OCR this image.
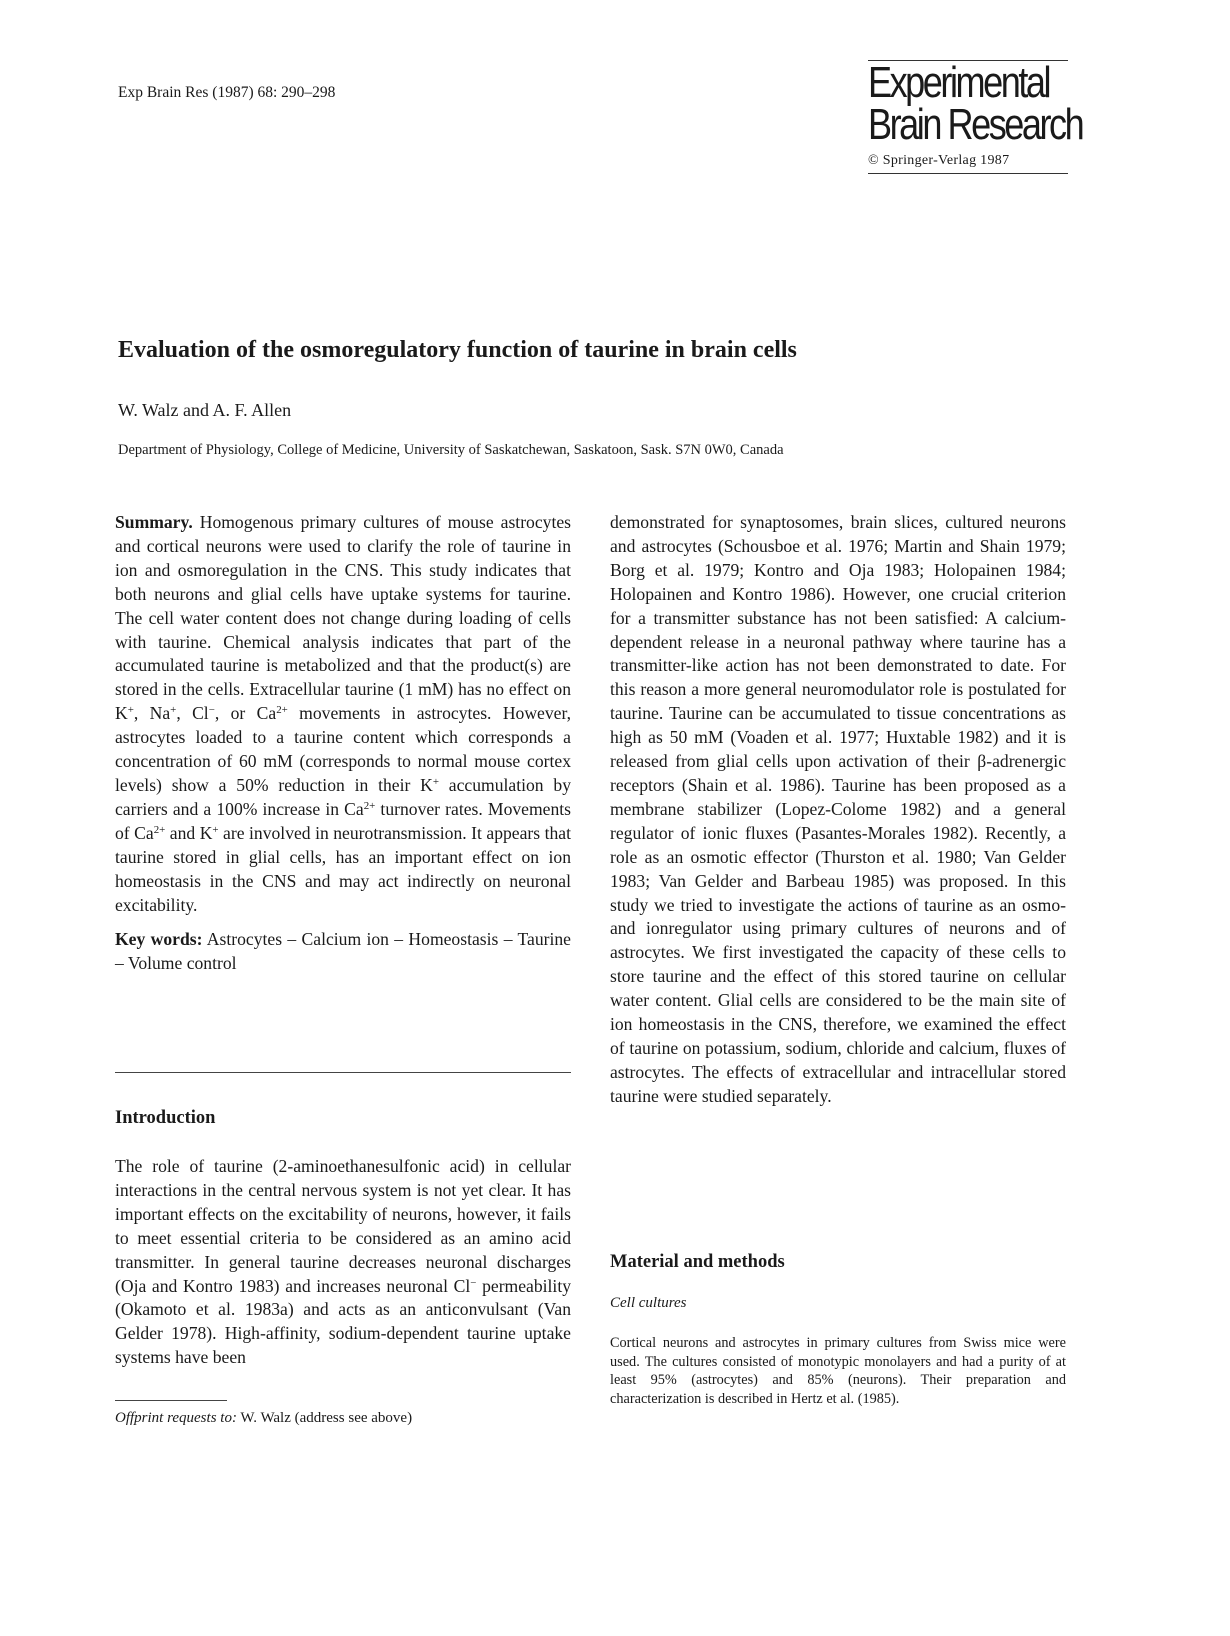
Exp Brain Res (1987) 68: 290–298	Experimental
Brain Research
© Springer-Verlag 1987
Evaluation of the osmoregulatory function of taurine in brain cells
W. Walz and A. F. Allen
Department of Physiology, College of Medicine, University of Saskatchewan, Saskatoon, Sask. S7N 0W0, Canada

Summary. Homogenous primary cultures of mouse astrocytes and cortical neurons were used to clarify the role of taurine in ion and osmoregulation in the CNS. This study indicates that both neurons and glial cells have uptake systems for taurine. The cell water content does not change during loading of cells with taurine. Chemical analysis indicates that part of the accumulated taurine is metabolized and that the product(s) are stored in the cells. Extracellular taurine (1 mM) has no effect on K+, Na+, Cl−, or $Ca^{2+}$ movements in astrocytes. However, astrocytes loaded to a taurine content which corresponds a concentration of 60 mM (corresponds to normal mouse cortex levels) show a 50% reduction in their K+ accumulation by carriers and a 100% increase in $Ca^{2+}$ turnover rates. Movements of $Ca^{2+}$ and K+ are involved in neurotransmission. It appears that taurine stored in glial cells, has an important effect on ion homeostasis in the CNS and may act indirectly on neuronal excitability.

Key words: Astrocytes – Calcium ion – Homeostasis – Taurine – Volume control

Introduction

The role of taurine (2-aminoethanesulfonic acid) in cellular interactions in the central nervous system is not yet clear. It has important effects on the excitability of neurons, however, it fails to meet essential criteria to be considered as an amino acid transmitter. In general taurine decreases neuronal discharges (Oja and Kontro 1983) and increases neuronal Cl− permeability (Okamoto et al. 1983a) and acts as an anticonvulsant (Van Gelder 1978). High-affinity, sodium-dependent taurine uptake systems have been

Offprint requests to: W. Walz (address see above)

demonstrated for synaptosomes, brain slices, cultured neurons and astrocytes (Schousboe et al. 1976; Martin and Shain 1979; Borg et al. 1979; Kontro and Oja 1983; Holopainen 1984; Holopainen and Kontro 1986). However, one crucial criterion for a transmitter substance has not been satisfied: A calcium-dependent release in a neuronal pathway where taurine has a transmitter-like action has not been demonstrated to date. For this reason a more general neuromodulator role is postulated for taurine. Taurine can be accumulated to tissue concentrations as high as 50 mM (Voaden et al. 1977; Huxtable 1982) and it is released from glial cells upon activation of their β-adrenergic receptors (Shain et al. 1986). Taurine has been proposed as a membrane stabilizer (Lopez-Colome 1982) and a general regulator of ionic fluxes (Pasantes-Morales 1982). Recently, a role as an osmotic effector (Thurston et al. 1980; Van Gelder 1983; Van Gelder and Barbeau 1985) was proposed. In this study we tried to investigate the actions of taurine as an osmo- and ionregulator using primary cultures of neurons and of astrocytes. We first investigated the capacity of these cells to store taurine and the effect of this stored taurine on cellular water content. Glial cells are considered to be the main site of ion homeostasis in the CNS, therefore, we examined the effect of taurine on potassium, sodium, chloride and calcium, fluxes of astrocytes. The effects of extracellular and intracellular stored taurine were studied separately.

Material and methods
Cell cultures

Cortical neurons and astrocytes in primary cultures from Swiss mice were used. The cultures consisted of monotypic monolayers and had a purity of at least 95% (astrocytes) and 85% (neurons). Their preparation and characterization is described in Hertz et al. (1985).
